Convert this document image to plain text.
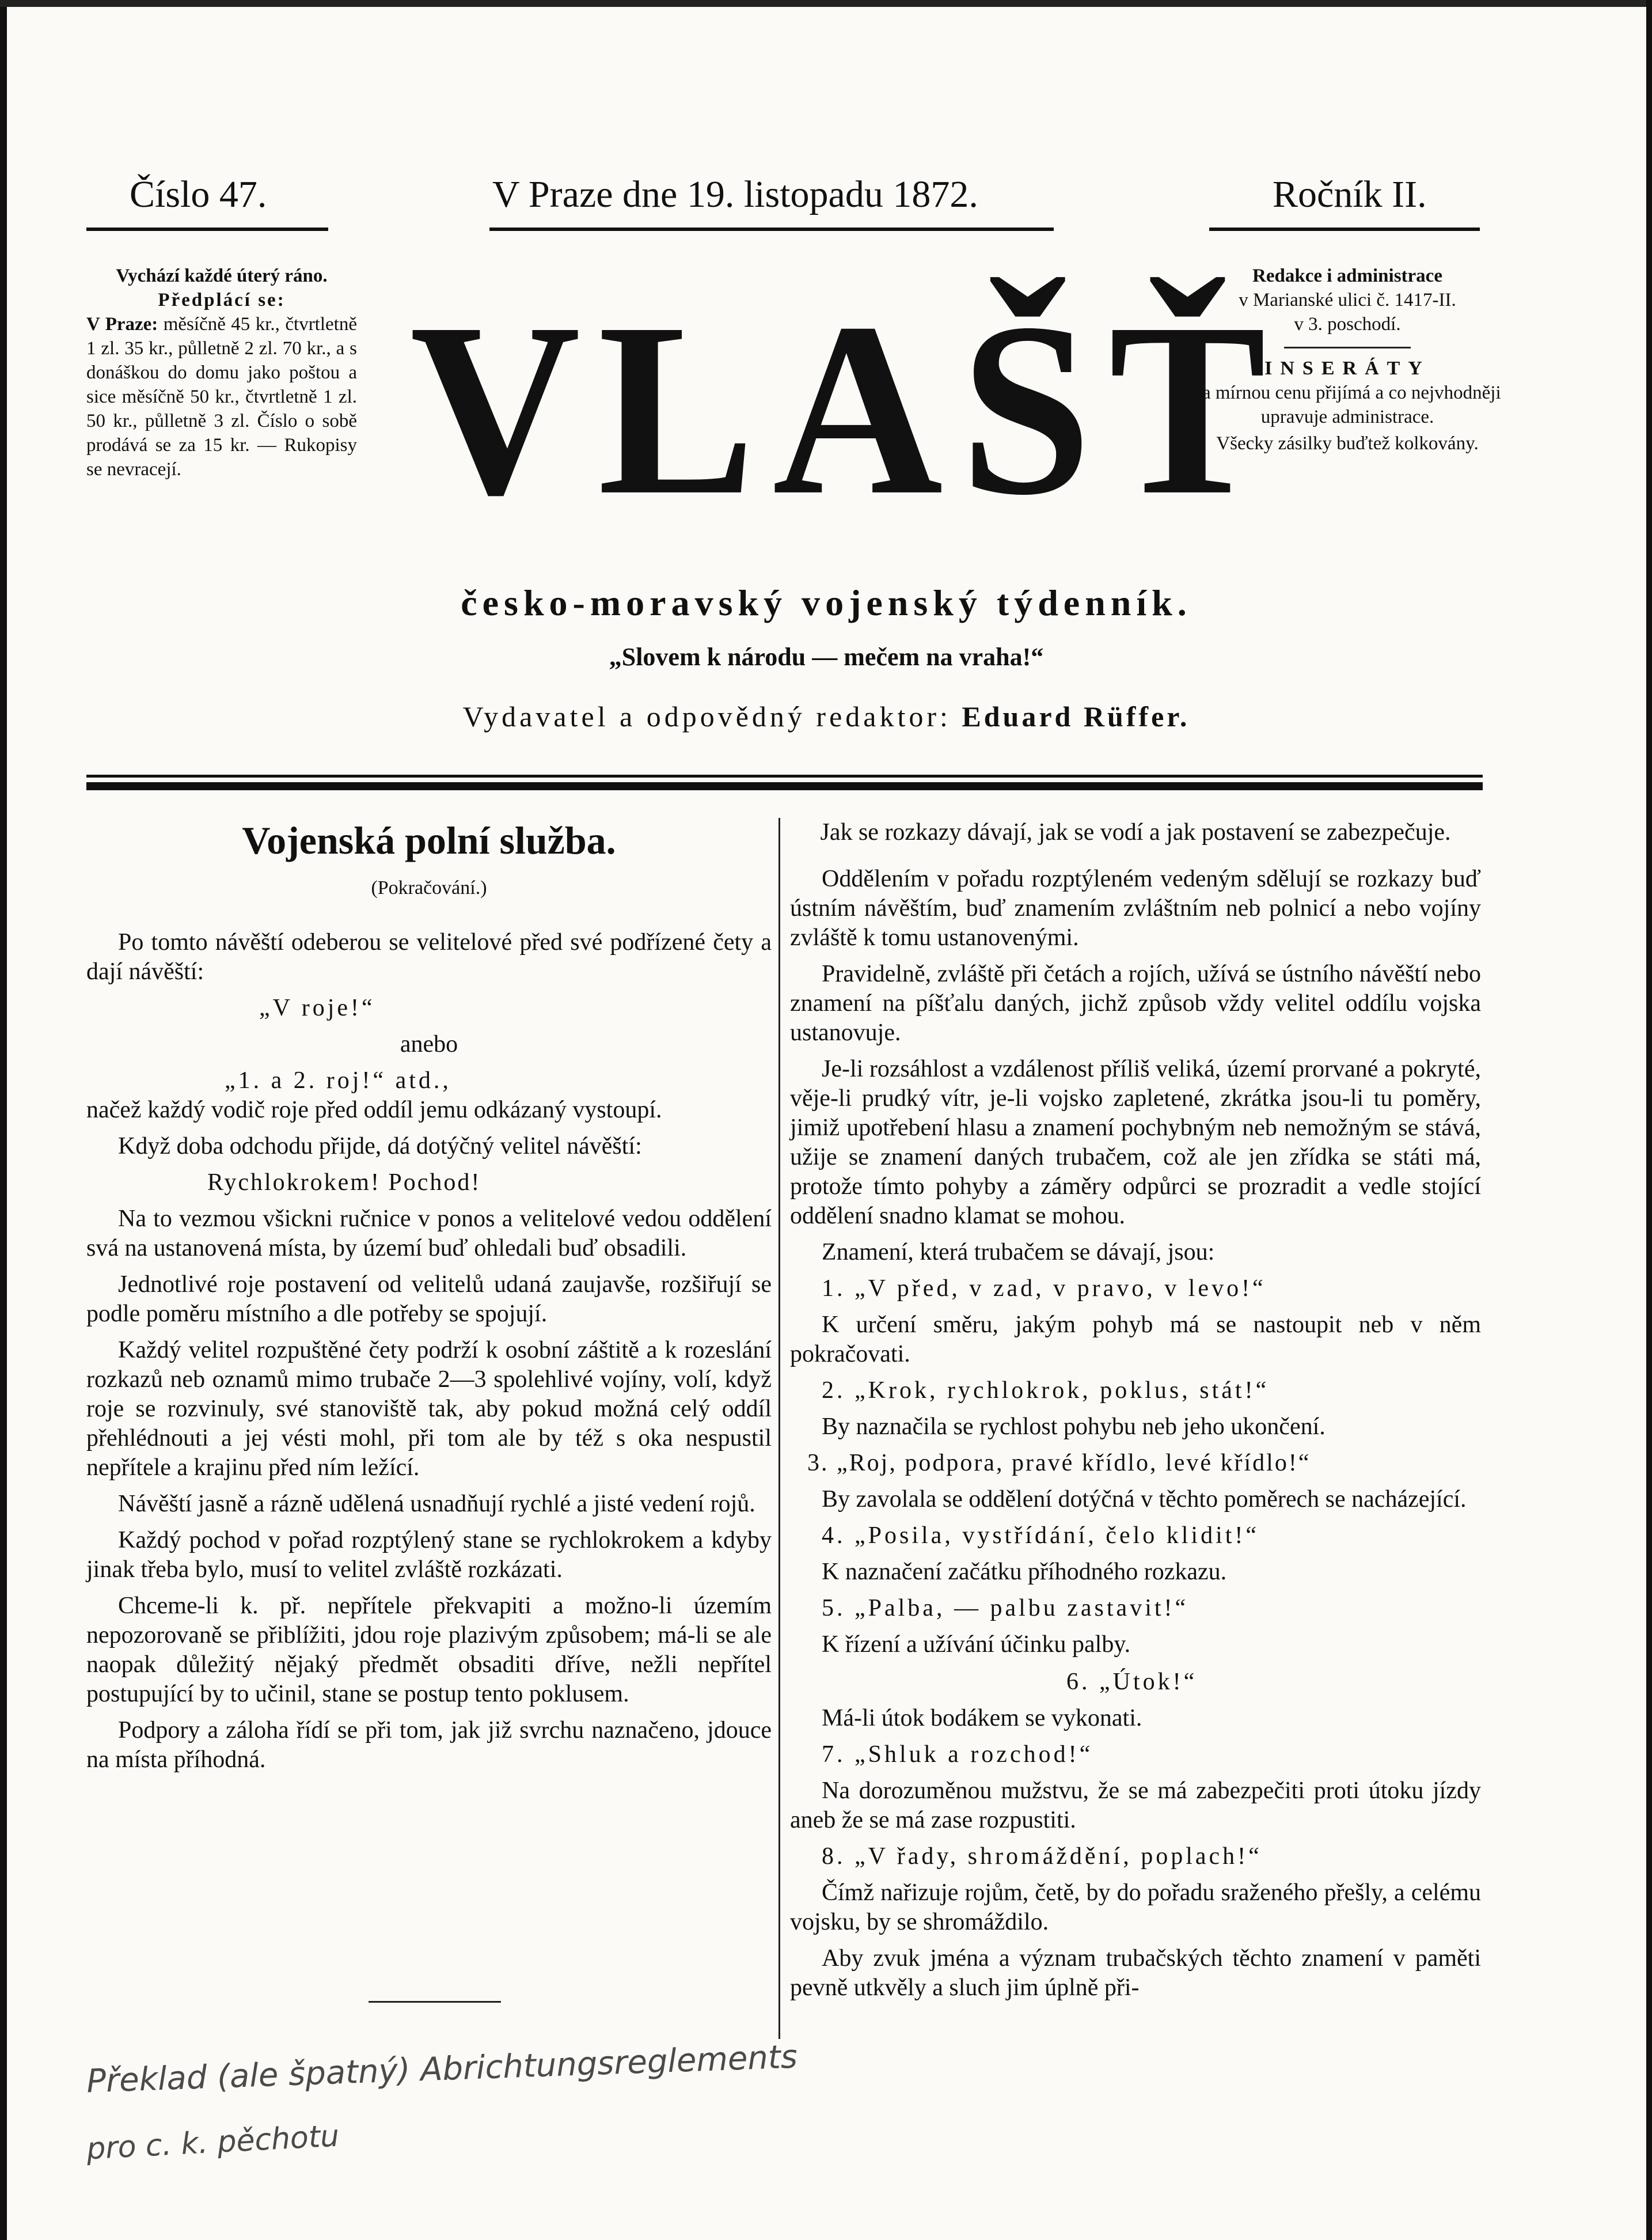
Číslo 47.	V Praze dne 19. listopadu 1872.	Ročník II.
Vychází každé úterý ráno.
Předplácí se:
V Praze: měsíčně 45 kr., čtvrtletně 1 zl. 35 kr., půlletně 2 zl. 70 kr., a s donáškou do domu jako poštou a sice měsíčně 50 kr., čtvrtletně 1 zl. 50 kr., půlletně 3 zl. Číslo o sobě prodává se za 15 kr. — Rukopisy se nevracejí. VLAŠŤ
Redakce i administrace
v Marianské ulici č. 1417-II.
v 3. poschodí.
INSERÁTY
za mírnou cenu přijímá a co nejvhodněji upravuje administrace.
Všecky zásilky buďtež kolkovány.
česko-moravský vojenský týdenník.
„Slovem k národu — mečem na vraha!“
Vydavatel a odpovědný redaktor: Eduard Rüffer.
Vojenská polní služba.
(Pokračování.)

Po tomto návěští odeberou se velitelové před své podřízené čety a dají návěští:

„V roje!“

anebo

„1. a 2. roj!“ atd.,

načež každý vodič roje před oddíl jemu odkázaný vystoupí.

Když doba odchodu přijde, dá dotýčný velitel návěští:

Rychlokrokem! Pochod!

Na to vezmou všickni ručnice v ponos a velitelové vedou oddělení svá na ustanovená místa, by území buď ohledali buď obsadili.

Jednotlivé roje postavení od velitelů udaná zaujavše, rozšiřují se podle poměru místního a dle potřeby se spojují.

Každý velitel rozpuštěné čety podrží k osobní záštitě a k rozeslání rozkazů neb oznamů mimo trubače 2—3 spolehlivé vojíny, volí, když roje se rozvinuly, své stanoviště tak, aby pokud možná celý oddíl přehlédnouti a jej vésti mohl, při tom ale by též s oka nespustil nepřítele a krajinu před ním ležící.

Návěští jasně a rázně udělená usnadňují rychlé a jisté vedení rojů.

Každý pochod v pořad rozptýlený stane se rychlokrokem a kdyby jinak třeba bylo, musí to velitel zvláště rozkázati.

Chceme-li k. př. nepřítele překvapiti a možno-li územím nepozorovaně se přiblížiti, jdou roje plazivým způsobem; má-li se ale naopak důležitý nějaký předmět obsaditi dříve, nežli nepřítel postupující by to učinil, stane se postup tento poklusem.

Podpory a záloha řídí se při tom, jak již svrchu naznačeno, jdouce na místa příhodná.

Jak se rozkazy dávají, jak se vodí a jak postavení se zabezpečuje.

Oddělením v pořadu rozptýleném vedeným sdělují se rozkazy buď ústním návěštím, buď znamením zvláštním neb polnicí a nebo vojíny zvláště k tomu ustanovenými.

Pravidelně, zvláště při četách a rojích, užívá se ústního návěští nebo znamení na píšťalu daných, jichž způsob vždy velitel oddílu vojska ustanovuje.

Je-li rozsáhlost a vzdálenost příliš veliká, území prorvané a pokryté, věje-li prudký vítr, je-li vojsko zapletené, zkrátka jsou-li tu poměry, jimiž upotřebení hlasu a znamení pochybným neb nemožným se stává, užije se znamení daných trubačem, což ale jen zřídka se státi má, protože tímto pohyby a záměry odpůrci se prozradit a vedle stojící oddělení snadno klamat se mohou.

Znamení, která trubačem se dávají, jsou:

1. „V před, v zad, v pravo, v levo!“

K určení směru, jakým pohyb má se nastoupit neb v něm pokračovati.

2. „Krok, rychlokrok, poklus, stát!“

By naznačila se rychlost pohybu neb jeho ukončení.

3. „Roj, podpora, pravé křídlo, levé křídlo!“

By zavolala se oddělení dotýčná v těchto poměrech se nacházející.

4. „Posila, vystřídání, čelo klidit!“

K naznačení začátku příhodného rozkazu.

5. „Palba, — palbu zastavit!“

K řízení a užívání účinku palby.

6. „Útok!“

Má-li útok bodákem se vykonati.

7. „Shluk a rozchod!“

Na dorozuměnou mužstvu, že se má zabezpečiti proti útoku jízdy aneb že se má zase rozpustiti.

8. „V řady, shromáždění, poplach!“

Čímž nařizuje rojům, četě, by do pořadu sraženého přešly, a celému vojsku, by se shromáždilo.

Aby zvuk jména a význam trubačských těchto znamení v paměti pevně utkvěly a sluch jim úplně při-

Překlad (ale špatný) Abrichtungsreglements
pro c. k. pěchotu
